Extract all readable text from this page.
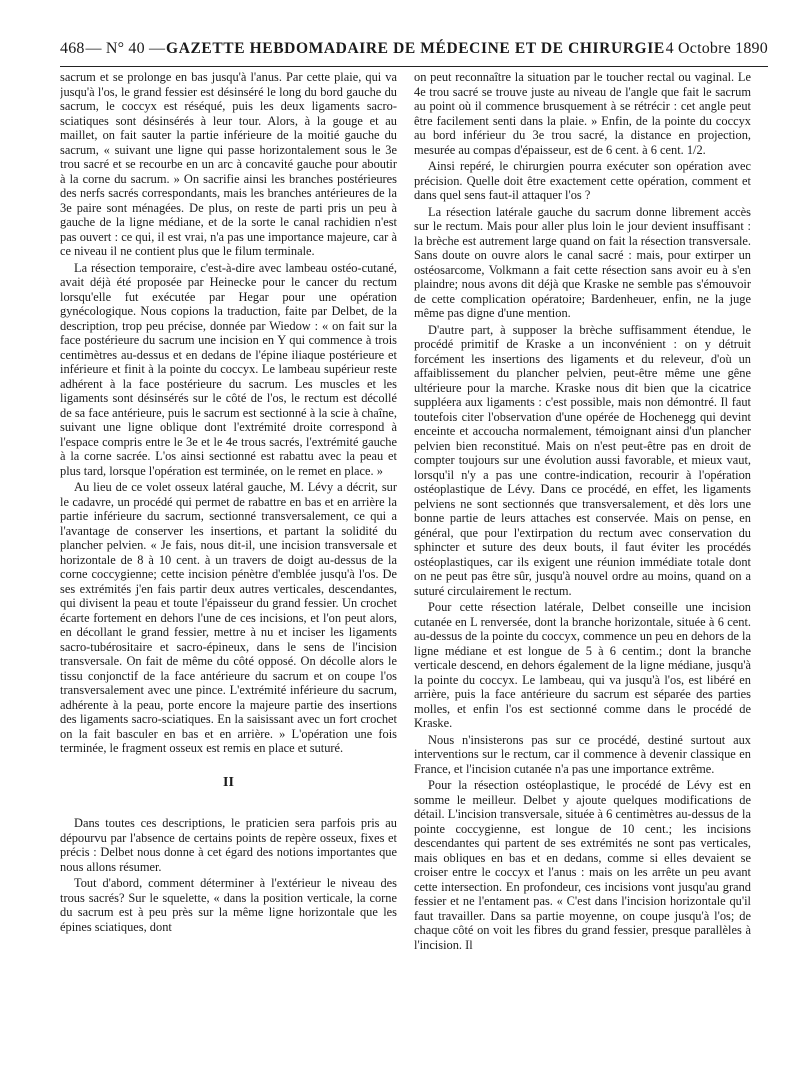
468 — N° 40 — GAZETTE HEBDOMADAIRE DE MÉDECINE ET DE CHIRURGIE 4 Octobre 1890

sacrum et se prolonge en bas jusqu'à l'anus. Par cette plaie, qui va jusqu'à l'os, le grand fessier est désinséré le long du bord gauche du sacrum, le coccyx est réséqué, puis les deux ligaments sacro-sciatiques sont désinsérés à leur tour. Alors, à la gouge et au maillet, on fait sauter la partie inférieure de la moitié gauche du sacrum, « suivant une ligne qui passe horizontalement sous le 3e trou sacré et se recourbe en un arc à concavité gauche pour aboutir à la corne du sacrum. » On sacrifie ainsi les branches postérieures des nerfs sacrés correspondants, mais les branches antérieures de la 3e paire sont ménagées. De plus, on reste de parti pris un peu à gauche de la ligne médiane, et de la sorte le canal rachidien n'est pas ouvert : ce qui, il est vrai, n'a pas une importance majeure, car à ce niveau il ne contient plus que le filum terminale.

La résection temporaire, c'est-à-dire avec lambeau ostéo-cutané, avait déjà été proposée par Heinecke pour le cancer du rectum lorsqu'elle fut exécutée par Hegar pour une opération gynécologique. Nous copions la traduction, faite par Delbet, de la description, trop peu précise, donnée par Wiedow : « on fait sur la face postérieure du sacrum une incision en Y qui commence à trois centimètres au-dessus et en dedans de l'épine iliaque postérieure et inférieure et finit à la pointe du coccyx. Le lambeau supérieur reste adhérent à la face postérieure du sacrum. Les muscles et les ligaments sont désinsérés sur le côté de l'os, le rectum est décollé de sa face antérieure, puis le sacrum est sectionné à la scie à chaîne, suivant une ligne oblique dont l'extrémité droite correspond à l'espace compris entre le 3e et le 4e trous sacrés, l'extrémité gauche à la corne sacrée. L'os ainsi sectionné est rabattu avec la peau et plus tard, lorsque l'opération est terminée, on le remet en place. »

Au lieu de ce volet osseux latéral gauche, M. Lévy a décrit, sur le cadavre, un procédé qui permet de rabattre en bas et en arrière la partie inférieure du sacrum, sectionné transversalement, ce qui a l'avantage de conserver les insertions, et partant la solidité du plancher pelvien. « Je fais, nous dit-il, une incision transversale et horizontale de 8 à 10 cent. à un travers de doigt au-dessus de la corne coccygienne; cette incision pénètre d'emblée jusqu'à l'os. De ses extrémités j'en fais partir deux autres verticales, descendantes, qui divisent la peau et toute l'épaisseur du grand fessier. Un crochet écarte fortement en dehors l'une de ces incisions, et l'on peut alors, en décollant le grand fessier, mettre à nu et inciser les ligaments sacro-tubérositaire et sacro-épineux, dans le sens de l'incision transversale. On fait de même du côté opposé. On décolle alors le tissu conjonctif de la face antérieure du sacrum et on coupe l'os transversalement avec une pince. L'extrémité inférieure du sacrum, adhérente à la peau, porte encore la majeure partie des insertions des ligaments sacro-sciatiques. En la saisissant avec un fort crochet on la fait basculer en bas et en arrière. » L'opération une fois terminée, le fragment osseux est remis en place et suturé.

II

Dans toutes ces descriptions, le praticien sera parfois pris au dépourvu par l'absence de certains points de repère osseux, fixes et précis : Delbet nous donne à cet égard des notions importantes que nous allons résumer.

Tout d'abord, comment déterminer à l'extérieur le niveau des trous sacrés? Sur le squelette, « dans la position verticale, la corne du sacrum est à peu près sur la même ligne horizontale que les épines sciatiques, dont

on peut reconnaître la situation par le toucher rectal ou vaginal. Le 4e trou sacré se trouve juste au niveau de l'angle que fait le sacrum au point où il commence brusquement à se rétrécir : cet angle peut être facilement senti dans la plaie. » Enfin, de la pointe du coccyx au bord inférieur du 3e trou sacré, la distance en projection, mesurée au compas d'épaisseur, est de 6 cent. à 6 cent. 1/2.

Ainsi repéré, le chirurgien pourra exécuter son opération avec précision. Quelle doit être exactement cette opération, comment et dans quel sens faut-il attaquer l'os ?

La résection latérale gauche du sacrum donne librement accès sur le rectum. Mais pour aller plus loin le jour devient insuffisant : la brèche est autrement large quand on fait la résection transversale. Sans doute on ouvre alors le canal sacré : mais, pour extirper un ostéosarcome, Volkmann a fait cette résection sans avoir eu à s'en plaindre; nous avons dit déjà que Kraske ne semble pas s'émouvoir de cette complication opératoire; Bardenheuer, enfin, ne la juge même pas digne d'une mention.

D'autre part, à supposer la brèche suffisamment étendue, le procédé primitif de Kraske a un inconvénient : on y détruit forcément les insertions des ligaments et du releveur, d'où un affaiblissement du plancher pelvien, peut-être même une gêne ultérieure pour la marche. Kraske nous dit bien que la cicatrice suppléera aux ligaments : c'est possible, mais non démontré. Il faut toutefois citer l'observation d'une opérée de Hochenegg qui devint enceinte et accoucha normalement, témoignant ainsi d'un plancher pelvien bien reconstitué. Mais on n'est peut-être pas en droit de compter toujours sur une évolution aussi favorable, et mieux vaut, lorsqu'il n'y a pas une contre-indication, recourir à l'opération ostéoplastique de Lévy. Dans ce procédé, en effet, les ligaments pelviens ne sont sectionnés que transversalement, et dès lors une bonne partie de leurs attaches est conservée. Mais on pense, en général, que pour l'extirpation du rectum avec conservation du sphincter et suture des deux bouts, il faut éviter les procédés ostéoplastiques, car ils exigent une réunion immédiate totale dont on ne peut pas être sûr, jusqu'à nouvel ordre au moins, quand on a suturé circulairement le rectum.

Pour cette résection latérale, Delbet conseille une incision cutanée en L renversée, dont la branche horizontale, située à 6 cent. au-dessus de la pointe du coccyx, commence un peu en dehors de la ligne médiane et est longue de 5 à 6 centim.; dont la branche verticale descend, en dehors également de la ligne médiane, jusqu'à la pointe du coccyx. Le lambeau, qui va jusqu'à l'os, est libéré en arrière, puis la face antérieure du sacrum est séparée des parties molles, et enfin l'os est sectionné comme dans le procédé de Kraske.

Nous n'insisterons pas sur ce procédé, destiné surtout aux interventions sur le rectum, car il commence à devenir classique en France, et l'incision cutanée n'a pas une importance extrême.

Pour la résection ostéoplastique, le procédé de Lévy est en somme le meilleur. Delbet y ajoute quelques modifications de détail. L'incision transversale, située à 6 centimètres au-dessus de la pointe coccygienne, est longue de 10 cent.; les incisions descendantes qui partent de ses extrémités ne sont pas verticales, mais obliques en bas et en dedans, comme si elles devaient se croiser entre le coccyx et l'anus : mais on les arrête un peu avant cette intersection. En profondeur, ces incisions vont jusqu'au grand fessier et ne l'entament pas. « C'est dans l'incision horizontale qu'il faut travailler. Dans sa partie moyenne, on coupe jusqu'à l'os; de chaque côté on voit les fibres du grand fessier, presque parallèles à l'incision. Il
